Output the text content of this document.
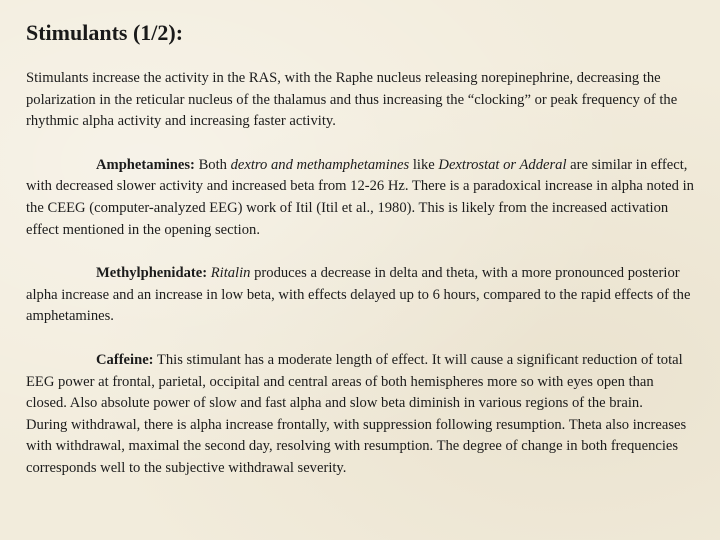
Stimulants (1/2):

Stimulants increase the activity in the RAS, with the Raphe nucleus releasing norepinephrine, decreasing the polarization in the reticular nucleus of the thalamus and thus increasing the “clocking” or peak frequency of the rhythmic alpha activity and increasing faster activity.

Amphetamines: Both dextro and methamphetamines like Dextrostat or Adderal are similar in effect, with decreased slower activity and increased beta from 12-26 Hz. There is a paradoxical increase in alpha noted in the CEEG (computer-analyzed EEG) work of Itil (Itil et al., 1980). This is likely from the increased activation effect mentioned in the opening section.

Methylphenidate: Ritalin produces a decrease in delta and theta, with a more pronounced posterior alpha increase and an increase in low beta, with effects delayed up to 6 hours, compared to the rapid effects of the amphetamines.

Caffeine: This stimulant has a moderate length of effect. It will cause a significant reduction of total EEG power at frontal, parietal, occipital and central areas of both hemispheres more so with eyes open than closed. Also absolute power of slow and fast alpha and slow beta diminish in various regions of the brain.

During withdrawal, there is alpha increase frontally, with suppression following resumption. Theta also increases with withdrawal, maximal the second day, resolving with resumption. The degree of change in both frequencies corresponds well to the subjective withdrawal severity.
